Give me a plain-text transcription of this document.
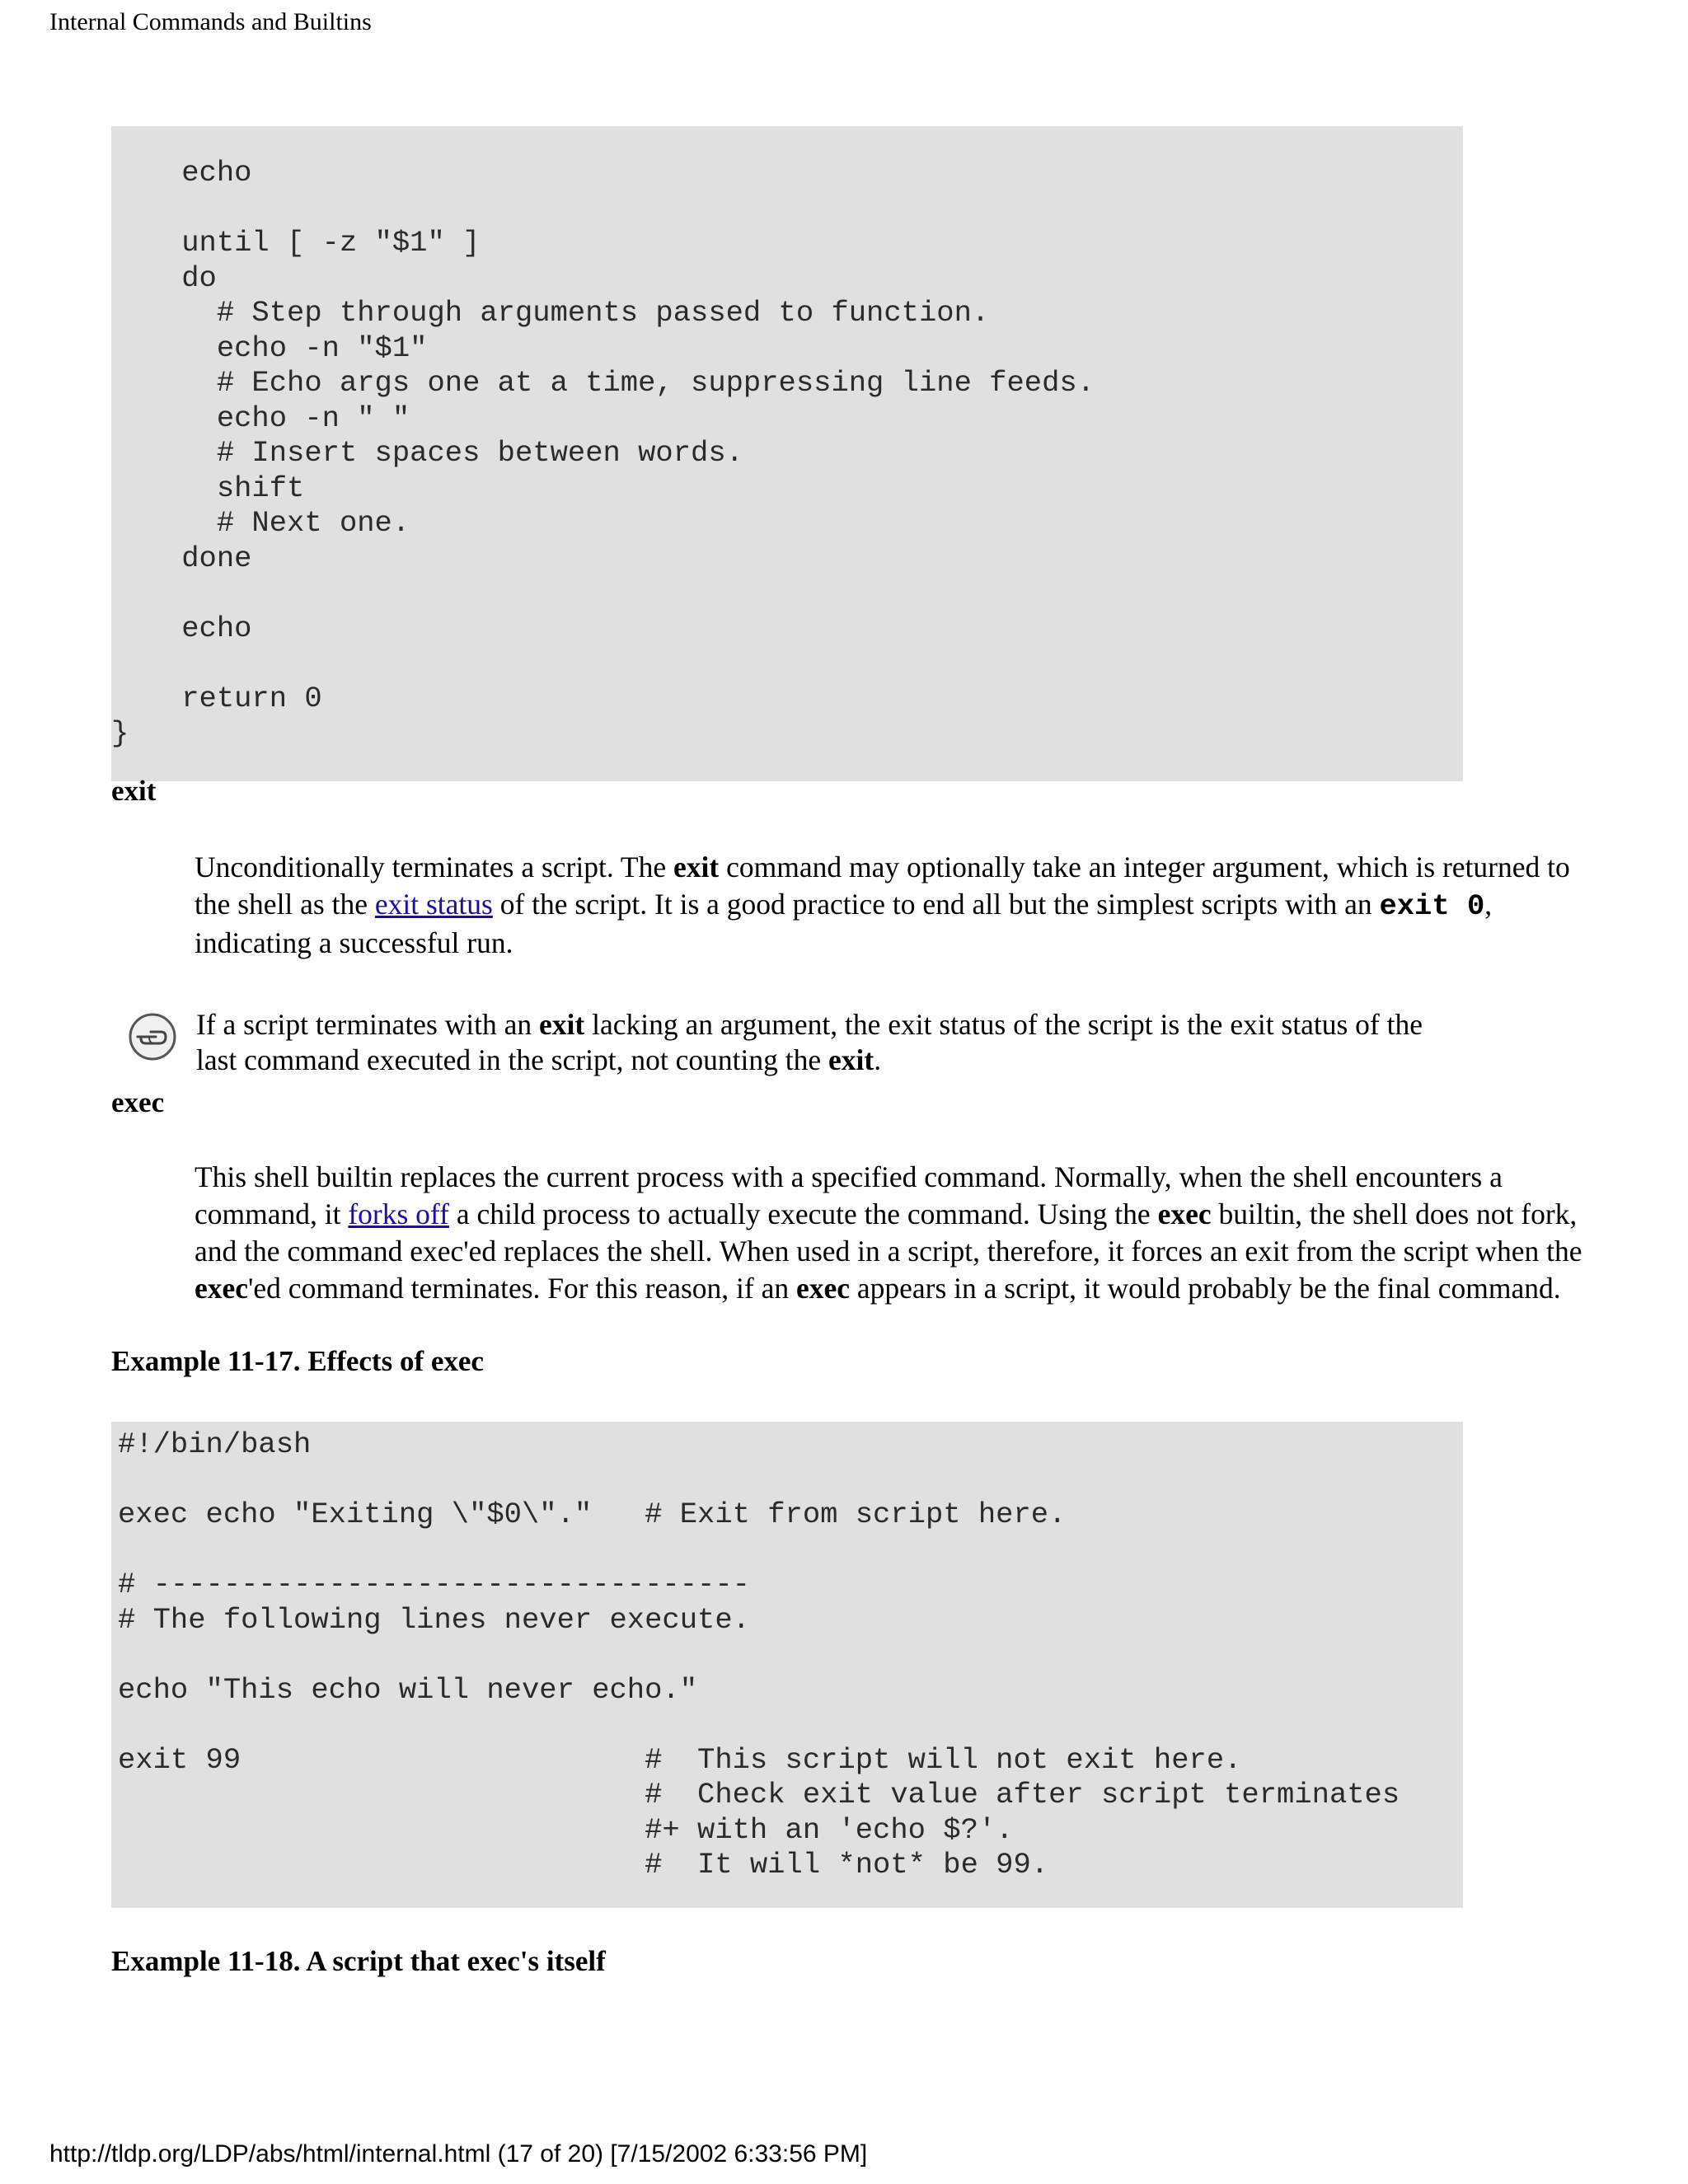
Internal Commands and Builtins
echo

until [ -z "$1" ]
do
# Step through arguments passed to function.
echo -n "$1"
# Echo args one at a time, suppressing line feeds.
echo -n " "
# Insert spaces between words.
shift
# Next one.
done

echo

return 0
}
exit
Unconditionally terminates a script. The exit command may optionally take an integer argument, which is returned to the shell as the exit status of the script. It is a good practice to end all but the simplest scripts with an exit 0, indicating a successful run.
If a script terminates with an exit lacking an argument, the exit status of the script is the exit status of the last command executed in the script, not counting the exit.
exec
This shell builtin replaces the current process with a specified command. Normally, when the shell encounters a command, it forks off a child process to actually execute the command. Using the exec builtin, the shell does not fork, and the command exec'ed replaces the shell. When used in a script, therefore, it forces an exit from the script when the exec'ed command terminates. For this reason, if an exec appears in a script, it would probably be the final command.
Example 11-17. Effects of exec
#!/bin/bash

exec echo "Exiting \"$0\"."   # Exit from script here.

# ----------------------------------
# The following lines never execute.

echo "This echo will never echo."

exit 99                       #  This script will not exit here.
#  Check exit value after script terminates
#+ with an 'echo $?'.
#  It will *not* be 99.
Example 11-18. A script that exec's itself
http://tldp.org/LDP/abs/html/internal.html (17 of 20) [7/15/2002 6:33:56 PM]
